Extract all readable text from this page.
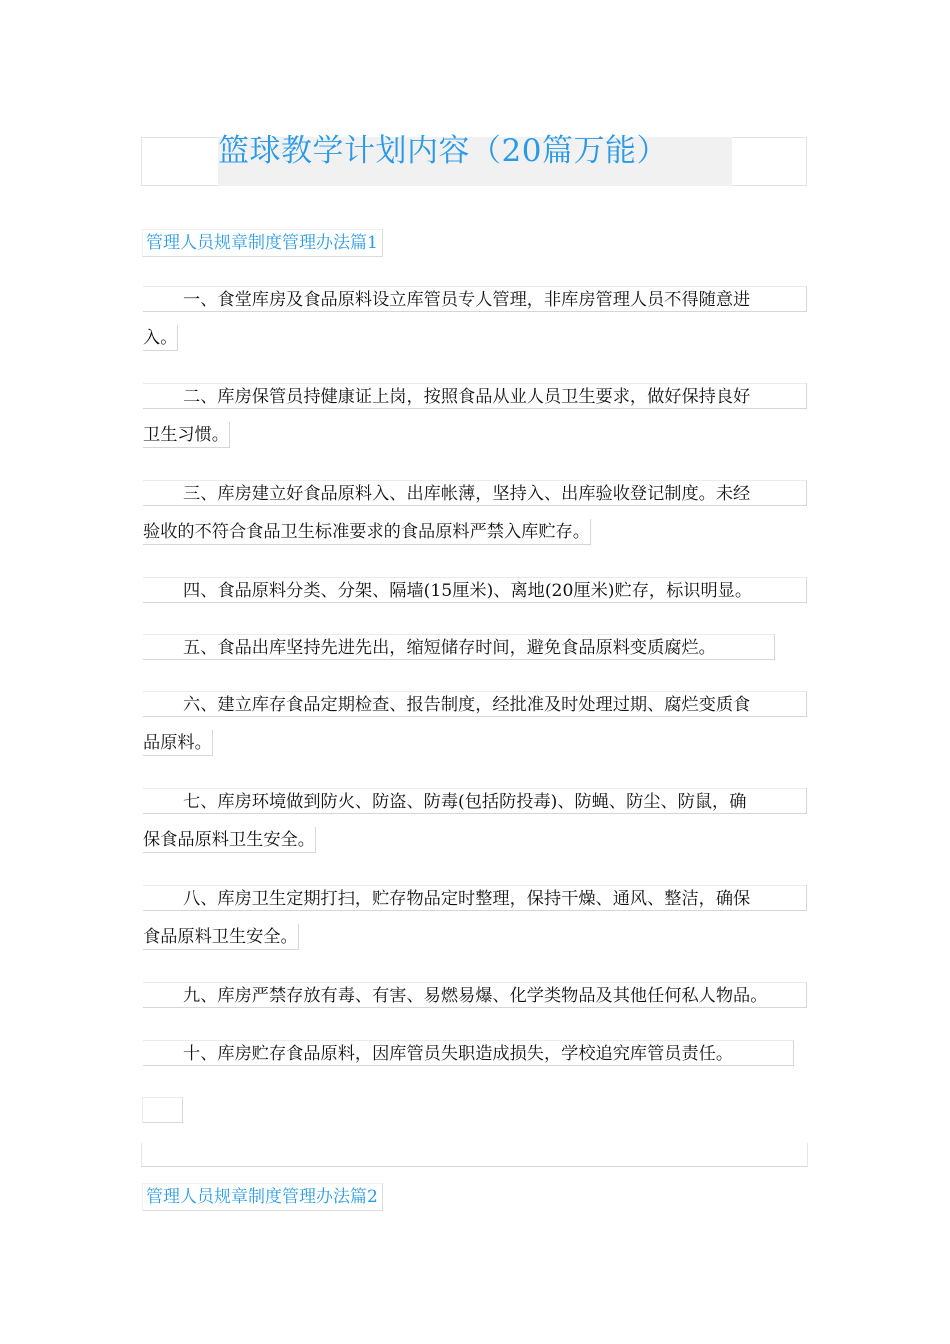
篮球教学计划内容（20篇万能）
管理人员规章制度管理办法篇1
一、食堂库房及食品原料设立库管员专人管理，非库房管理人员不得随意进
入。
二、库房保管员持健康证上岗，按照食品从业人员卫生要求，做好保持良好
卫生习惯。
三、库房建立好食品原料入、出库帐薄，坚持入、出库验收登记制度。未经
验收的不符合食品卫生标准要求的食品原料严禁入库贮存。
四、食品原料分类、分架、隔墙(15厘米)、离地(20厘米)贮存，标识明显。
五、食品出库坚持先进先出，缩短储存时间，避免食品原料变质腐烂。
六、建立库存食品定期检查、报告制度，经批准及时处理过期、腐烂变质食
品原料。
七、库房环境做到防火、防盗、防毒(包括防投毒)、防蝇、防尘、防鼠，确
保食品原料卫生安全。
八、库房卫生定期打扫，贮存物品定时整理，保持干燥、通风、整洁，确保
食品原料卫生安全。
九、库房严禁存放有毒、有害、易燃易爆、化学类物品及其他任何私人物品。
十、库房贮存食品原料，因库管员失职造成损失，学校追究库管员责任。
管理人员规章制度管理办法篇2
